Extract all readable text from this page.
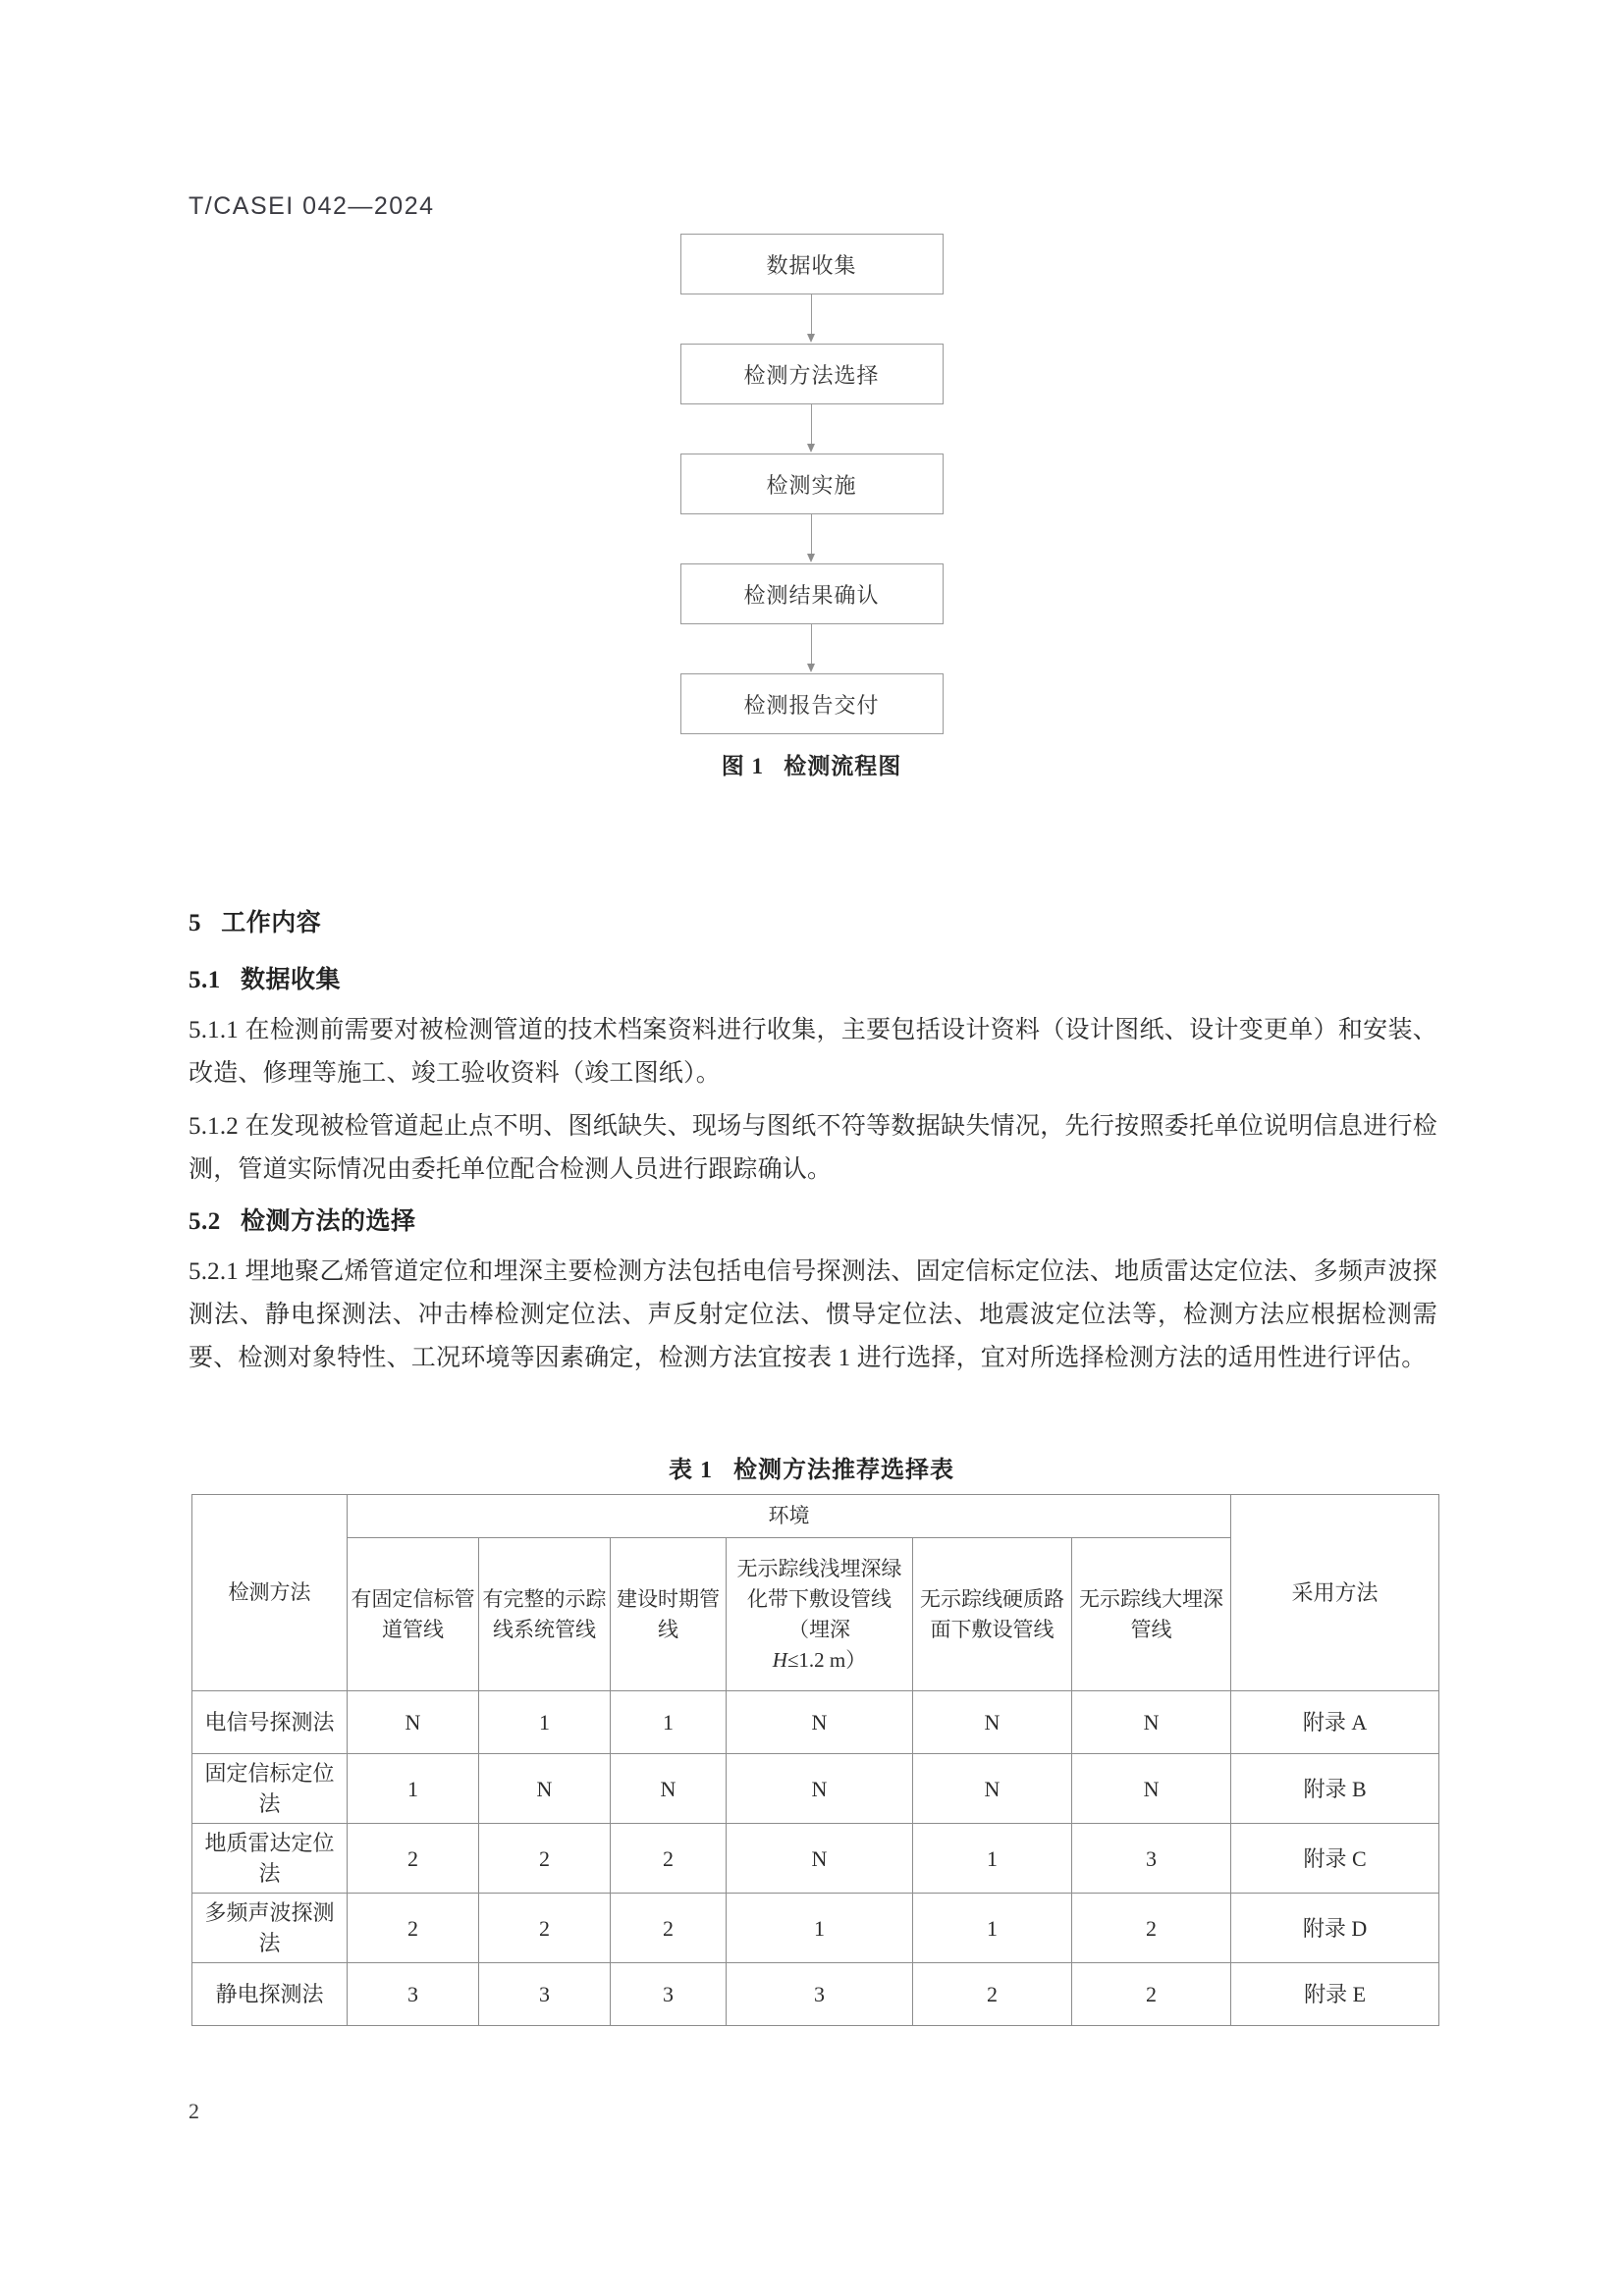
T/CASEI 042—2024
数据收集
检测方法选择
检测实施
检测结果确认
检测报告交付
图 1   检测流程图
5   工作内容
5.1   数据收集

5.1.1 在检测前需要对被检测管道的技术档案资料进行收集，主要包括设计资料（设计图纸、设计变更单）和安装、改造、修理等施工、竣工验收资料（竣工图纸）。

5.1.2 在发现被检管道起止点不明、图纸缺失、现场与图纸不符等数据缺失情况，先行按照委托单位说明信息进行检测，管道实际情况由委托单位配合检测人员进行跟踪确认。

5.2   检测方法的选择

5.2.1 埋地聚乙烯管道定位和埋深主要检测方法包括电信号探测法、固定信标定位法、地质雷达定位法、多频声波探测法、静电探测法、冲击棒检测定位法、声反射定位法、惯导定位法、地震波定位法等，检测方法应根据检测需要、检测对象特性、工况环境等因素确定，检测方法宜按表 1 进行选择，宜对所选择检测方法的适用性进行评估。

表 1   检测方法推荐选择表
检测方法	环境						采用方法
	有固定信标管道管线	有完整的示踪线系统管线	建设时期管线	无示踪线浅埋深绿化带下敷设管线（埋深
H≤1.2 m）	无示踪线硬质路面下敷设管线	无示踪线大埋深管线	
电信号探测法	N	1	1	N	N	N	附录 A
固定信标定位法	1	N	N	N	N	N	附录 B
地质雷达定位法	2	2	2	N	1	3	附录 C
多频声波探测法	2	2	2	1	1	2	附录 D
静电探测法	3	3	3	3	2	2	附录 E
2
